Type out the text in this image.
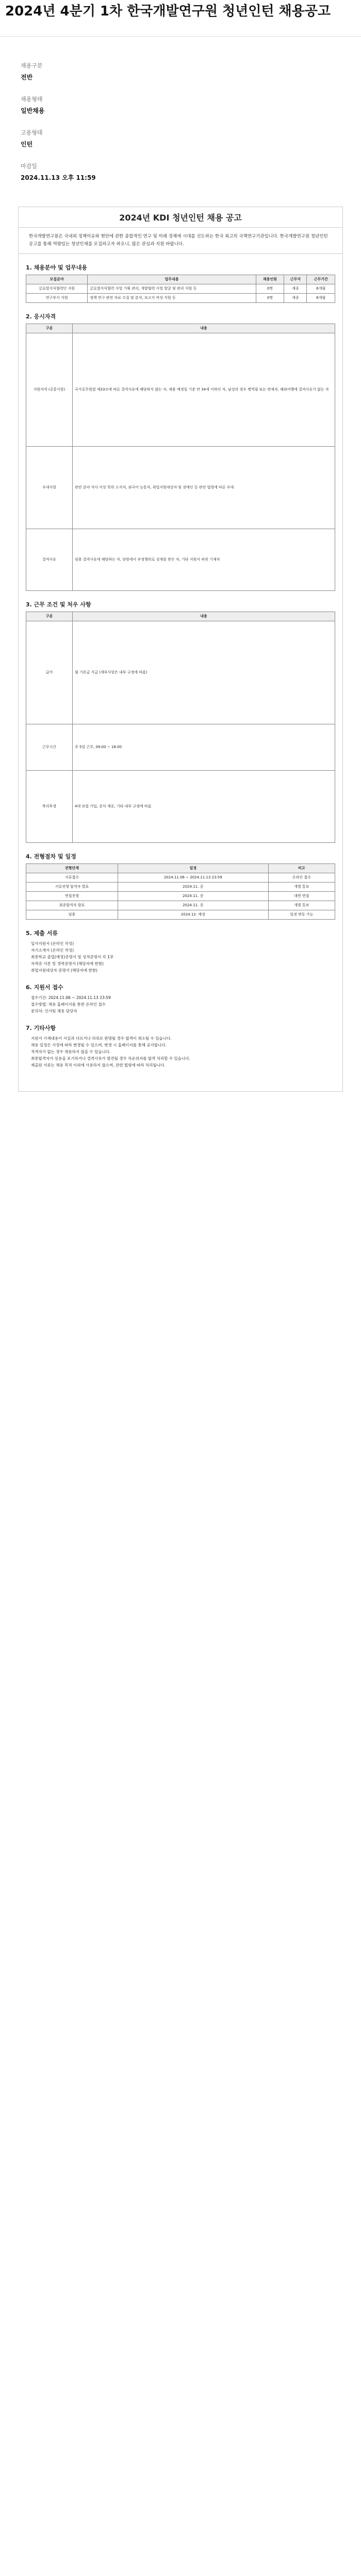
2024년 4분기 1차 한국개발연구원 청년인턴 채용공고
채용구분
전반
채용형태
일반채용
고용형태
인턴
마감일
2024.11.13 오후 11:59
2024년 KDI 청년인턴 채용 공고
한국개발연구원은 국내외 정책이슈와 현안에 관한 종합적인 연구 및 미래 경제에 시대를 선도하는 한국 최고의 국책연구기관입니다. 한국개발연구원 청년인턴 공고를 통해 역량있는 청년인재를 모집하고자 하오니, 많은 관심과 지원 바랍니다.
1. 채용분야 및 업무내용
모집분야	업무내용	채용인원	근무지	근무기간
글로벌지식협력단 지원	글로벌지식협력 사업 기획 관리, 개발협력 사업 발굴 및 관리 지원 등	0명	세종	6개월
연구부서 지원	정책 연구 관련 자료 수집 및 분석, 보고서 작성 지원 등	0명	세종	6개월
2. 응시자격
구분	내용
지원자격 (공통사항)	국가공무원법 제33조에 따른 결격사유에 해당하지 않는 자, 채용 예정일 기준 만 34세 이하인 자, 남성의 경우 병역필 또는 면제자, 해외여행에 결격사유가 없는 자
우대사항	관련 분야 석사 이상 학위 소지자, 외국어 능통자, 취업지원대상자 및 장애인 등 관련 법령에 따른 우대
결격사유	임용 결격사유에 해당하는 자, 당원에서 부정행위로 징계를 받은 자, 기타 지원서 허위 기재자
3. 근무 조건 및 처우 사항
구분	내용
급여	월 기본급 지급 (세부사항은 내부 규정에 따름)
근무시간	주 5일 근무, 09:00 ~ 18:00
복리후생	4대 보험 가입, 중식 제공, 기타 내부 규정에 따름
4. 전형절차 및 일정
전형단계	일정	비고
서류접수	2024.11.06 ~ 2024.11.13 23:59	온라인 접수
서류전형 합격자 발표	2024.11. 중	개별 통보
면접전형	2024.11. 중	대면 면접
최종합격자 발표	2024.11. 중	개별 통보
임용	2024.12. 예정	일정 변동 가능
5. 제출 서류
입사지원서 (온라인 작성)
자기소개서 (온라인 작성)
최종학교 졸업(예정)증명서 및 성적증명서 각 1부
자격증 사본 및 경력증명서 (해당자에 한함)
취업지원대상자 증명서 (해당자에 한함)
6. 지원서 접수
접수기간: 2024.11.06 ~ 2024.11.13 23:59
접수방법: 채용 홈페이지를 통한 온라인 접수
문의처: 인사팀 채용 담당자
7. 기타사항
지원서 기재내용이 사실과 다르거나 허위로 판명될 경우 합격이 취소될 수 있습니다.
채용 일정은 사정에 따라 변경될 수 있으며, 변경 시 홈페이지를 통해 공지합니다.
적격자가 없는 경우 채용하지 않을 수 있습니다.
최종합격자가 임용을 포기하거나 결격사유가 발견될 경우 차순위자를 합격 처리할 수 있습니다.
제출된 서류는 채용 목적 이외에 사용하지 않으며, 관련 법령에 따라 처리됩니다.
